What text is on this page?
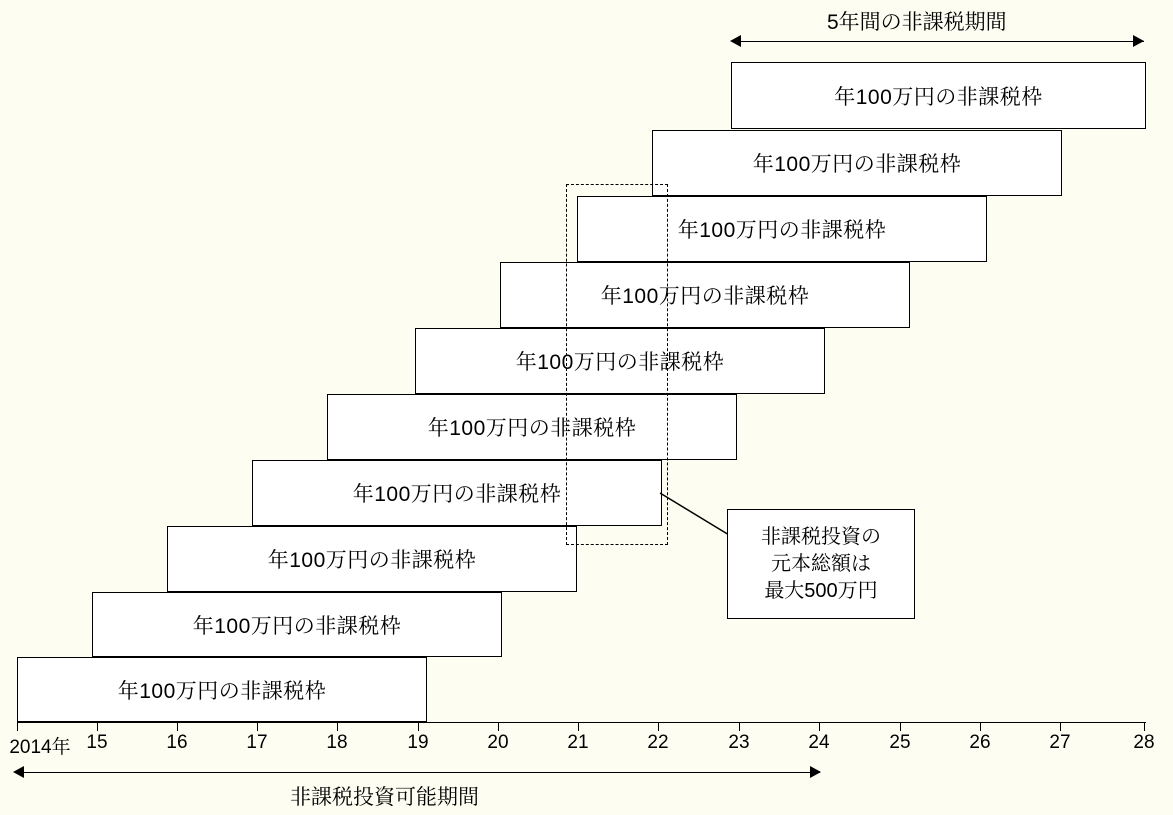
5年間の非課税期間
年100万円の非課税枠
年100万円の非課税枠
年100万円の非課税枠
年100万円の非課税枠
年100万円の非課税枠
年100万円の非課税枠
年100万円の非課税枠
年100万円の非課税枠
年100万円の非課税枠
年100万円の非課税枠
非課税投資の
元本総額は
最大500万円
2014年 15	16	17	18	19	20	21	22	23	24	25	26	27	28
非課税投資可能期間
